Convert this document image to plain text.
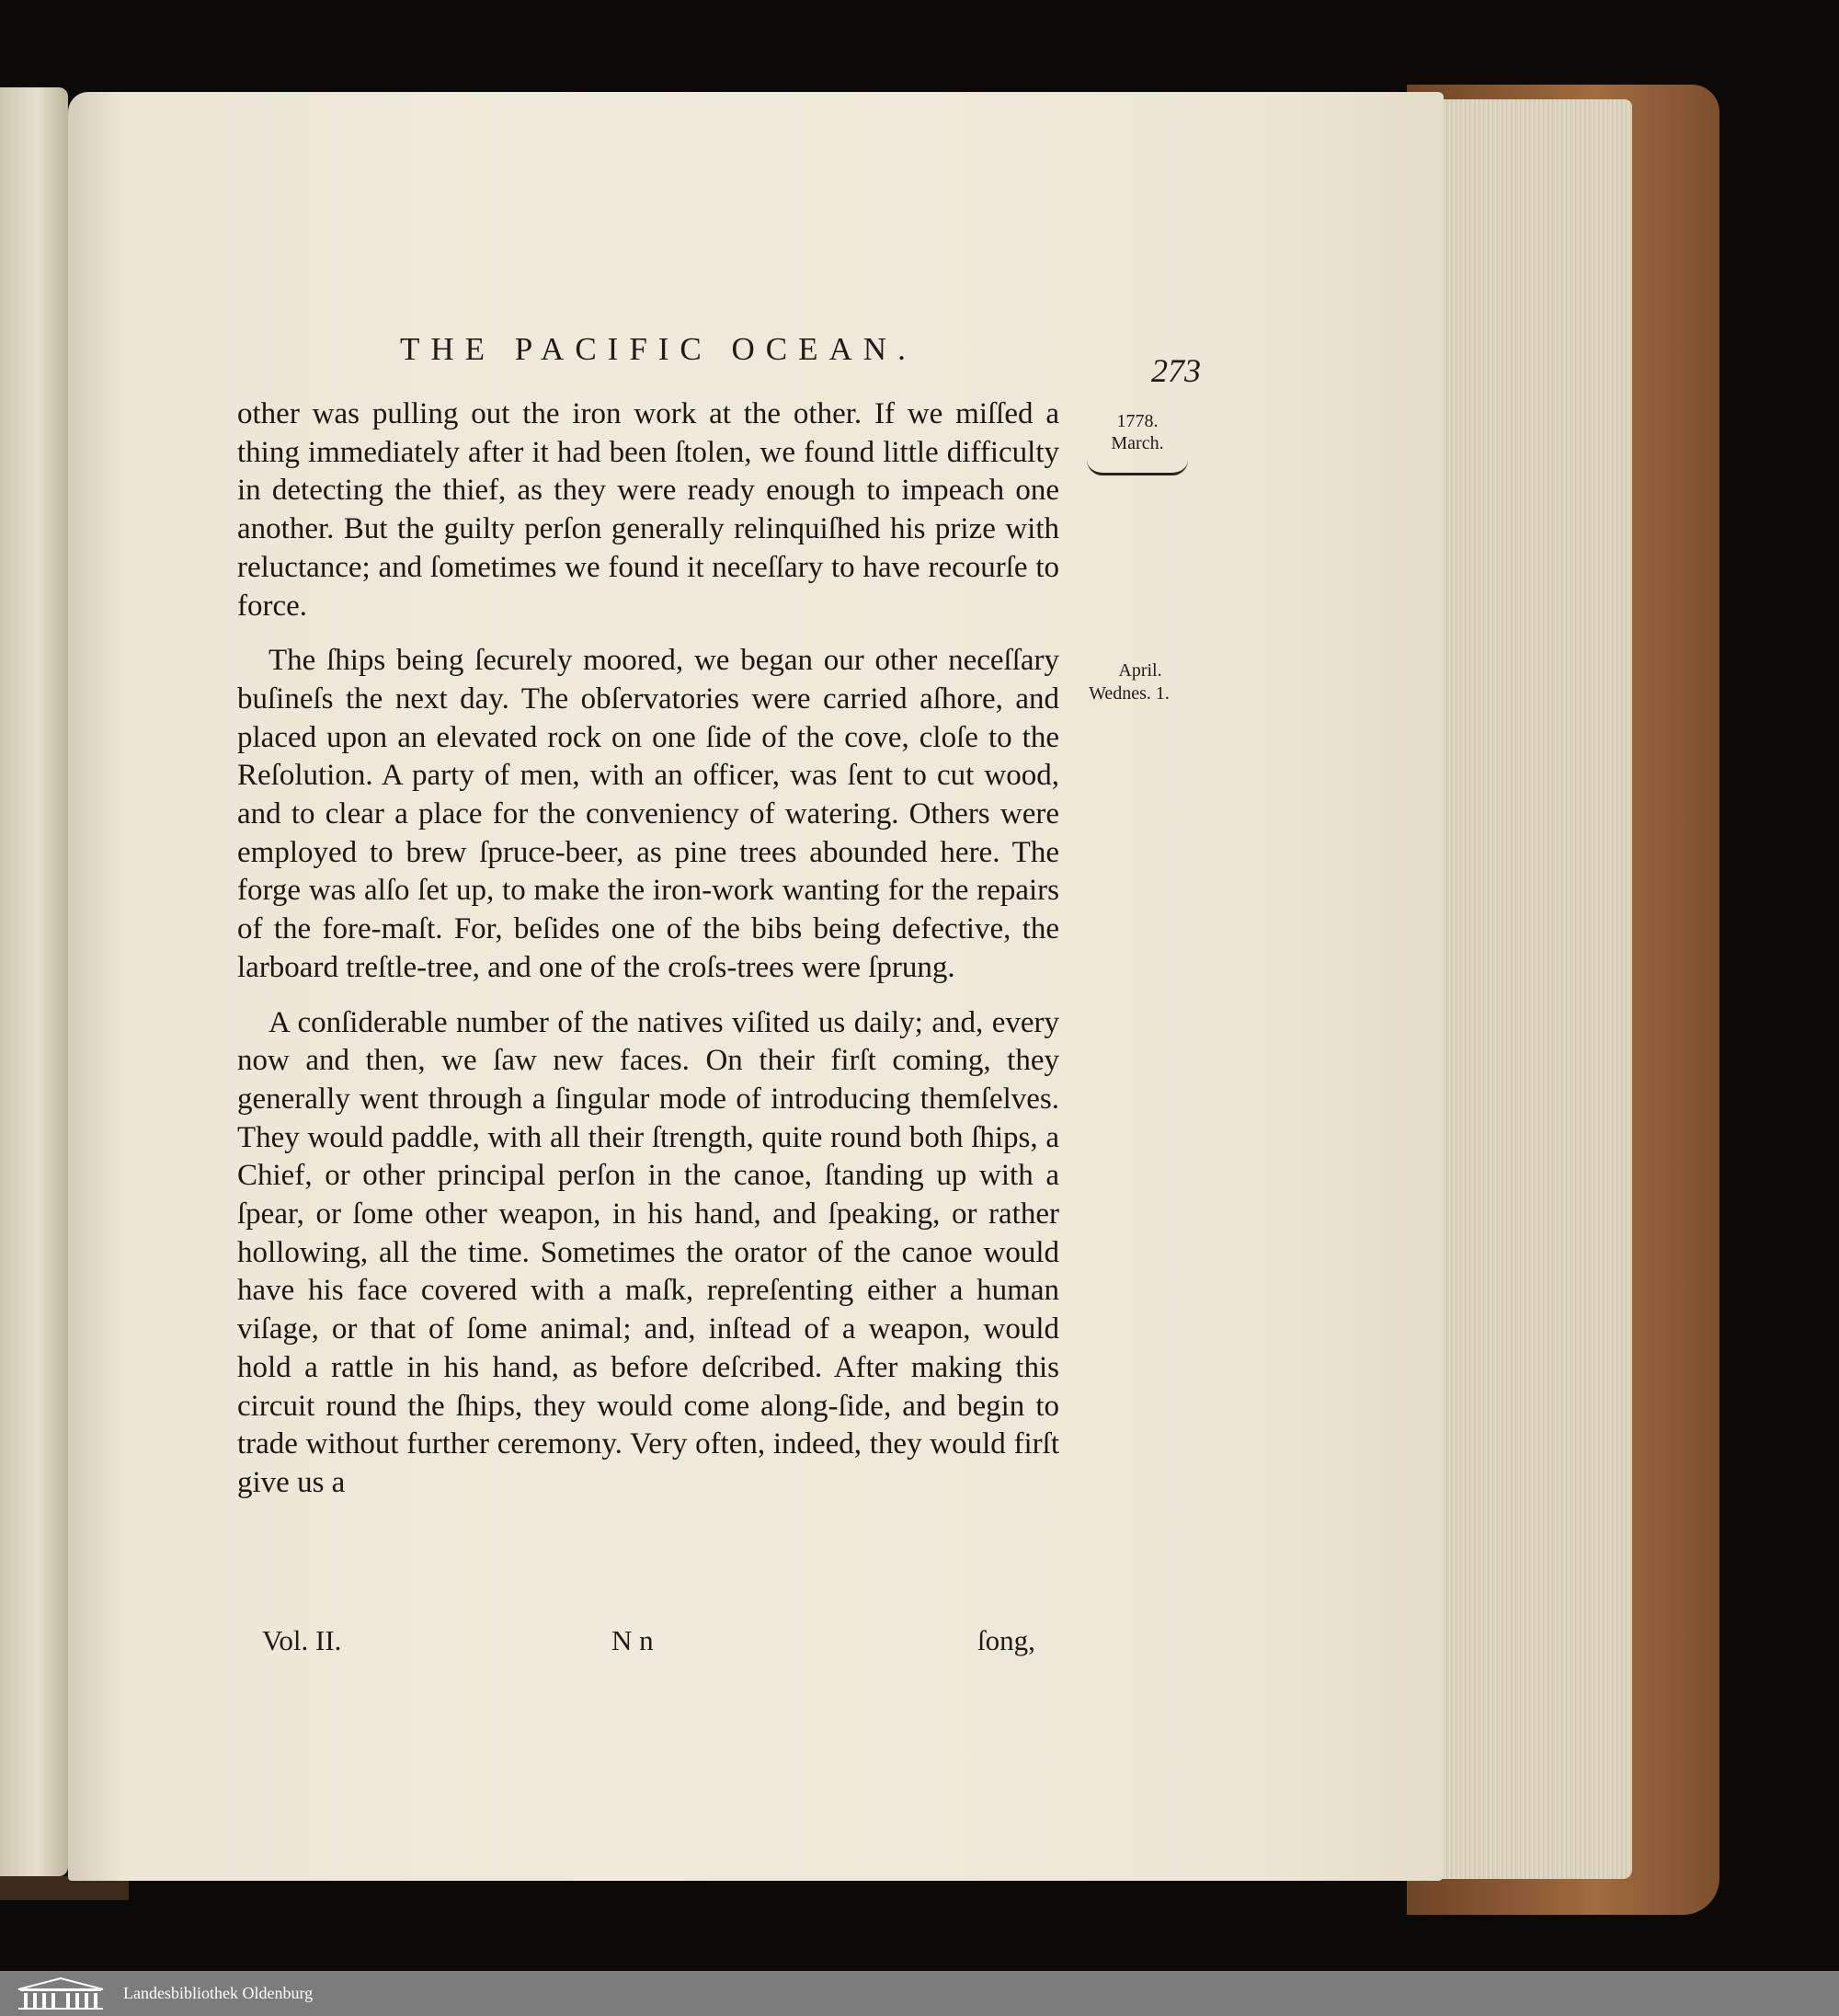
THE PACIFIC OCEAN.
273
1778.
March.
April.
Wednes. 1.

other was pulling out the iron work at the other. If we miſſed a thing immediately after it had been ſtolen, we found little difficulty in detecting the thief, as they were ready enough to impeach one another. But the guilty perſon generally relinquiſhed his prize with reluctance; and ſometimes we found it neceſſary to have recourſe to force.

The ſhips being ſecurely moored, we began our other neceſſary buſineſs the next day. The obſervatories were carried aſhore, and placed upon an elevated rock on one ſide of the cove, cloſe to the Reſolution. A party of men, with an officer, was ſent to cut wood, and to clear a place for the conveniency of watering. Others were employed to brew ſpruce-beer, as pine trees abounded here. The forge was alſo ſet up, to make the iron-work wanting for the repairs of the fore-maſt. For, beſides one of the bibs being defective, the larboard treſtle-tree, and one of the croſs-trees were ſprung.

A conſiderable number of the natives viſited us daily; and, every now and then, we ſaw new faces. On their firſt coming, they generally went through a ſingular mode of introducing themſelves. They would paddle, with all their ſtrength, quite round both ſhips, a Chief, or other principal perſon in the canoe, ſtanding up with a ſpear, or ſome other weapon, in his hand, and ſpeaking, or rather hollowing, all the time. Sometimes the orator of the canoe would have his face covered with a maſk, repreſenting either a human viſage, or that of ſome animal; and, inſtead of a weapon, would hold a rattle in his hand, as before deſcribed. After making this circuit round the ſhips, they would come along-ſide, and begin to trade without further ceremony. Very often, indeed, they would firſt give us a

Vol. II.	N n	ſong,
Landesbibliothek Oldenburg
